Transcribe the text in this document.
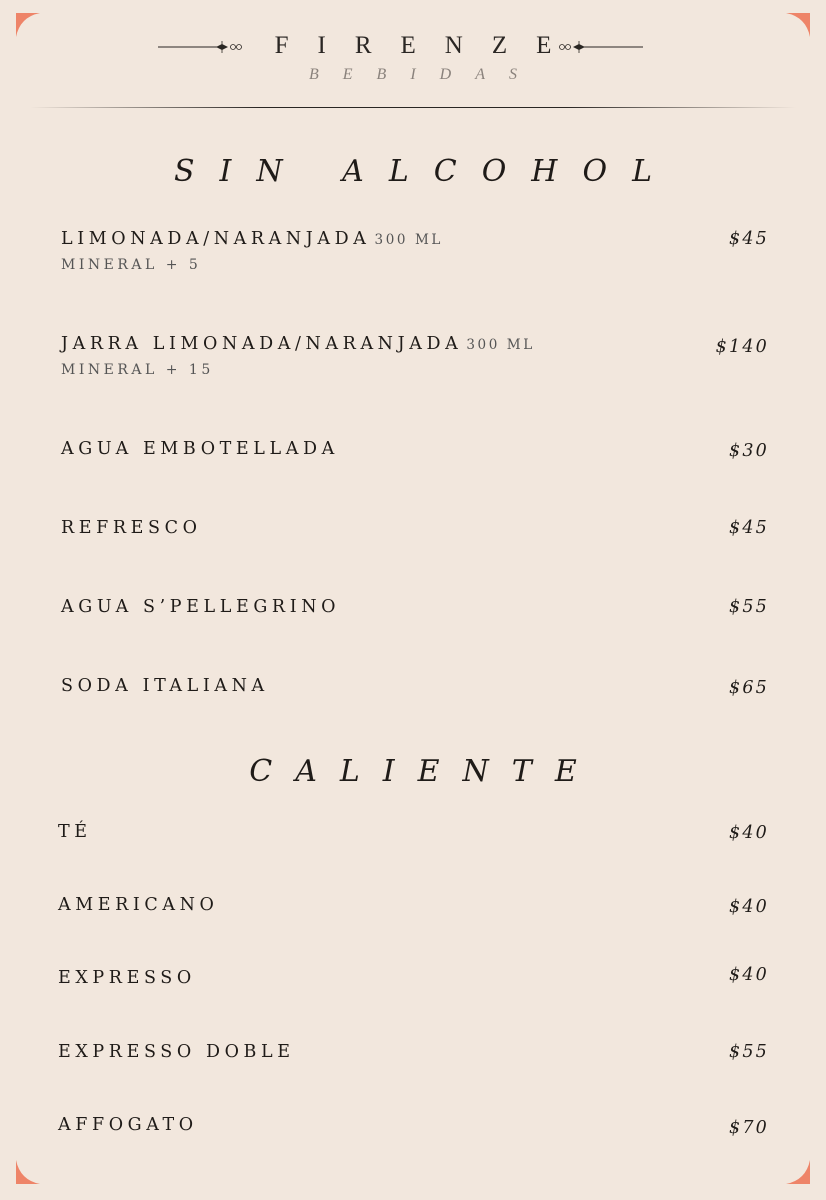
FIRENZE
BEBIDAS
SIN ALCOHOL
LIMONADA/NARANJADA 300 ML
MINERAL + 5
$45
JARRA LIMONADA/NARANJADA 300 ML
MINERAL + 15
$140
AGUA EMBOTELLADA	$30
REFRESCO	$45
AGUA S’PELLEGRINO	$55
SODA ITALIANA	$65
CALIENTE
TÉ	$40
AMERICANO	$40
EXPRESSO	$40
EXPRESSO DOBLE	$55
AFFOGATO	$70
